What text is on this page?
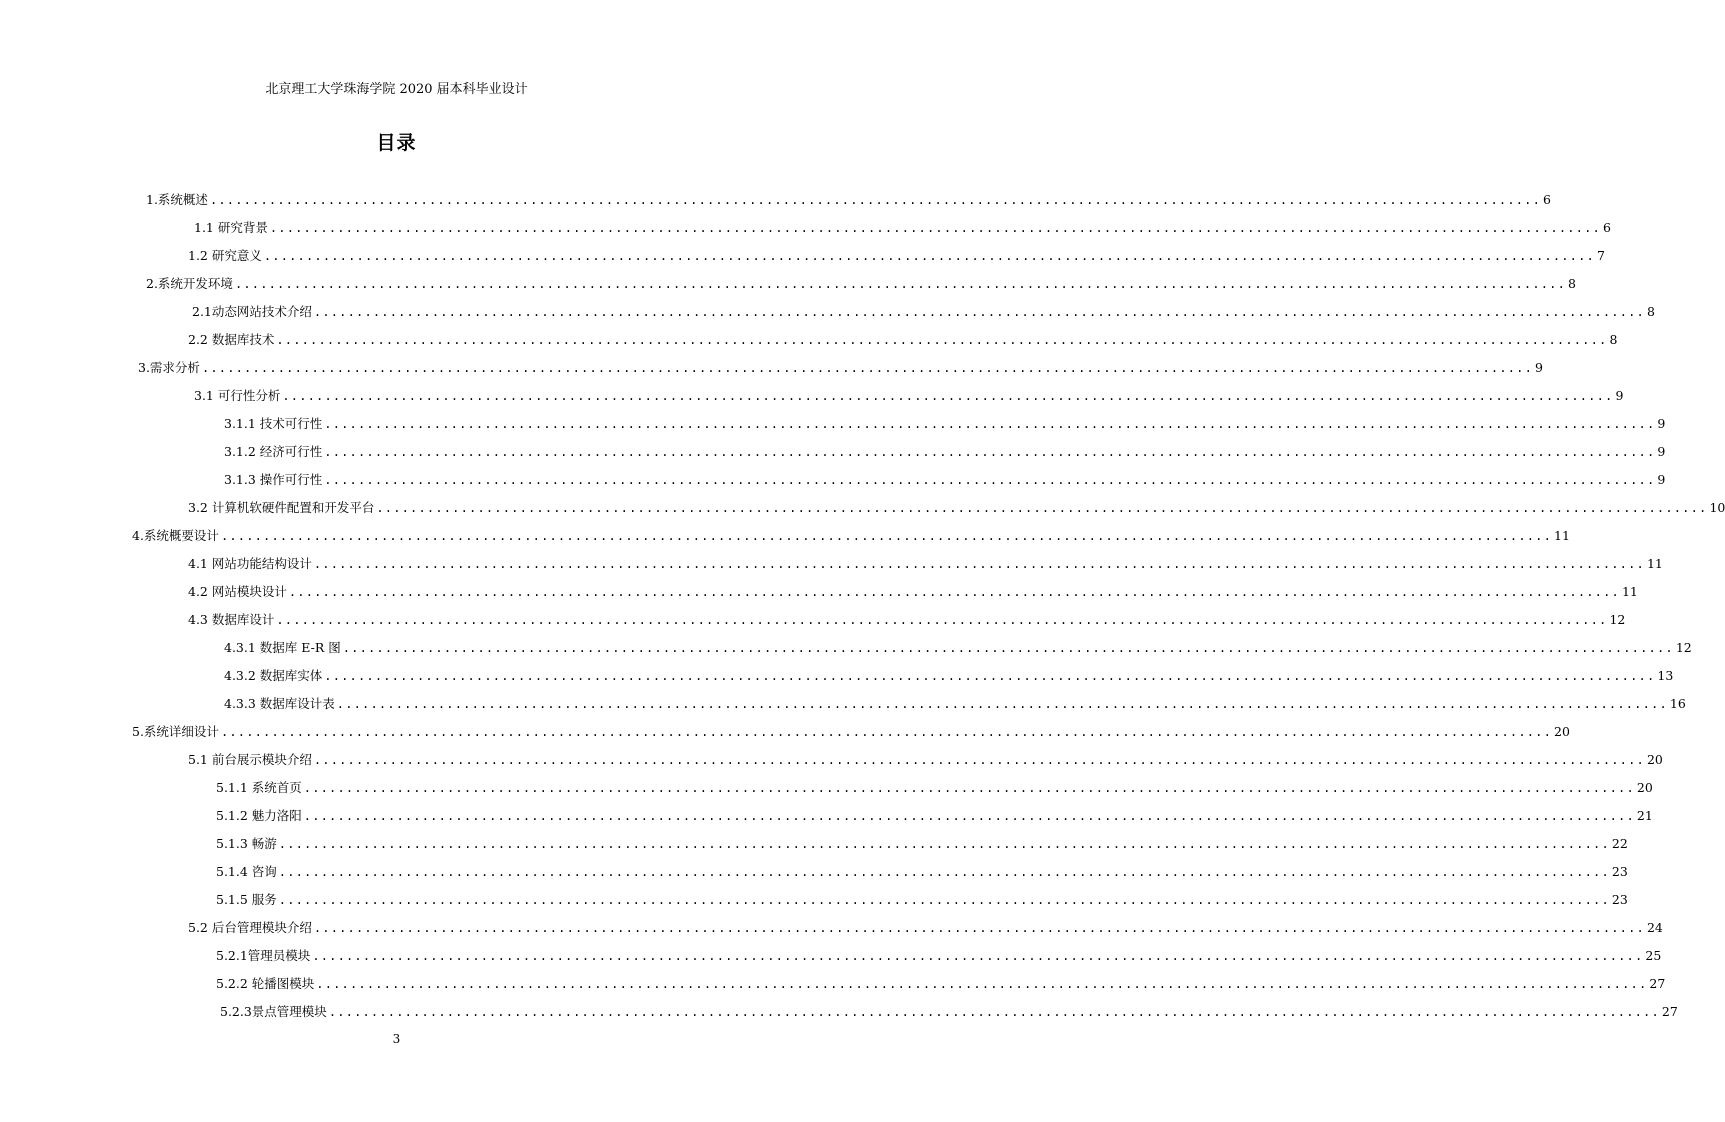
北京理工大学珠海学院 2020 届本科毕业设计
目录
1.系统概述 .............................................................................................................................................................. 6
1.1 研究背景 .............................................................................................................................................................. 6
1.2 研究意义 .............................................................................................................................................................. 7
2.系统开发环境 .............................................................................................................................................................. 8
2.1动态网站技术介绍 .............................................................................................................................................................. 8
2.2 数据库技术 .............................................................................................................................................................. 8
3.需求分析 .............................................................................................................................................................. 9
3.1 可行性分析 .............................................................................................................................................................. 9
3.1.1 技术可行性 .............................................................................................................................................................. 9
3.1.2 经济可行性 .............................................................................................................................................................. 9
3.1.3 操作可行性 .............................................................................................................................................................. 9
3.2 计算机软硬件配置和开发平台 .............................................................................................................................................................. 10
4.系统概要设计 .............................................................................................................................................................. 11
4.1 网站功能结构设计 .............................................................................................................................................................. 11
4.2 网站模块设计 .............................................................................................................................................................. 11
4.3 数据库设计 .............................................................................................................................................................. 12
4.3.1 数据库 E-R 图 .............................................................................................................................................................. 12
4.3.2 数据库实体 .............................................................................................................................................................. 13
4.3.3 数据库设计表 .............................................................................................................................................................. 16
5.系统详细设计 .............................................................................................................................................................. 20
5.1 前台展示模块介绍 .............................................................................................................................................................. 20
5.1.1 系统首页 .............................................................................................................................................................. 20
5.1.2 魅力洛阳 .............................................................................................................................................................. 21
5.1.3 畅游 .............................................................................................................................................................. 22
5.1.4 咨询 .............................................................................................................................................................. 23
5.1.5 服务 .............................................................................................................................................................. 23
5.2 后台管理模块介绍 .............................................................................................................................................................. 24
5.2.1管理员模块 .............................................................................................................................................................. 25
5.2.2 轮播图模块 .............................................................................................................................................................. 27
5.2.3景点管理模块 .............................................................................................................................................................. 27
3
